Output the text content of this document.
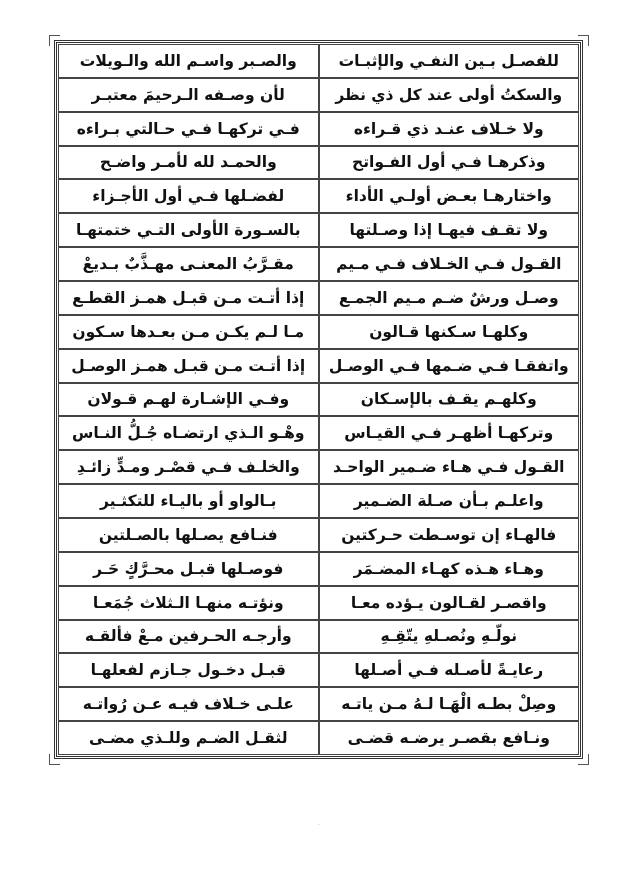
للفصـل بـين النفـي والإثبـات
والصـبر واسـم الله والـويلات
والسكتُ أولى عند كل ذي نظر
لأن وصـفه الـرحيمَ معتبـر
ولا خـلاف عنـد ذي قـراءه
فـي تركهـا فـي حـالتي بـراءه
وذكرهـا فـي أول الفـواتح
والحمـد لله لأمـر واضـح
واختارهـا بعـض أولـي الأداء
لفضـلها فـي أول الأجـزاء
ولا تقـف فيهـا إذا وصـلتها
بالسـورة الأولى التـي ختمتهـا
القـول فـي الخـلاف فـي مـيم
مقـرَّبُ المعنـى مهـذَّبٌ بـديعْ
وصـل ورشٌ ضـم مـيم الجمـع
إذا أتـت مـن قبـل همـز القطـع
وكلهـا سـكنها قـالون
مـا لـم يكـن مـن بعـدها سـكون
واتفقـا فـي ضـمها فـي الوصـل
إذا أتـت مـن قبـل همـز الوصـل
وكلهـم يقـف بالإسـكان
وفـي الإشـارة لهـم قـولان
وتركهـا أظهـر فـي القيـاس
وهْـو الـذي ارتضـاه جُـلُّ النـاس
القـول فـي هـاء ضـمير الواحـد
والخلـف فـي قصْـر ومـدٍّ زائـدِ
واعلـم بـأن صـلة الضـمير
بـالواو أو باليـاء للتكثـير
فالهـاء إن توسـطت حـركتين
فنـافع يصـلها بالصـلتين
وهـاء هـذه كهـاء المضـمَر
فوصـلها قبـل محـرَّكٍ حَـر
واقصـر لقـالون يـؤده معـا
ونؤتـه منهـا الـثلاث جُمَعـا
نولّـهِ ونُصـلهِ يتّقِـهِ
وأرجـه الحـرفين مـعْ فألقـه
رعايـةً لأصـله فـي أصـلها
قبـل دخـول جـازم لفعلهـا
وصِلْ بطـه الْهَـا لـهُ مـن ياتـه
علـى خـلاف فيـه عـن رُواتـه
ونـافع بقصـر يرضـه قضـى
لثقـل الضـم وللـذي مضـى
·
